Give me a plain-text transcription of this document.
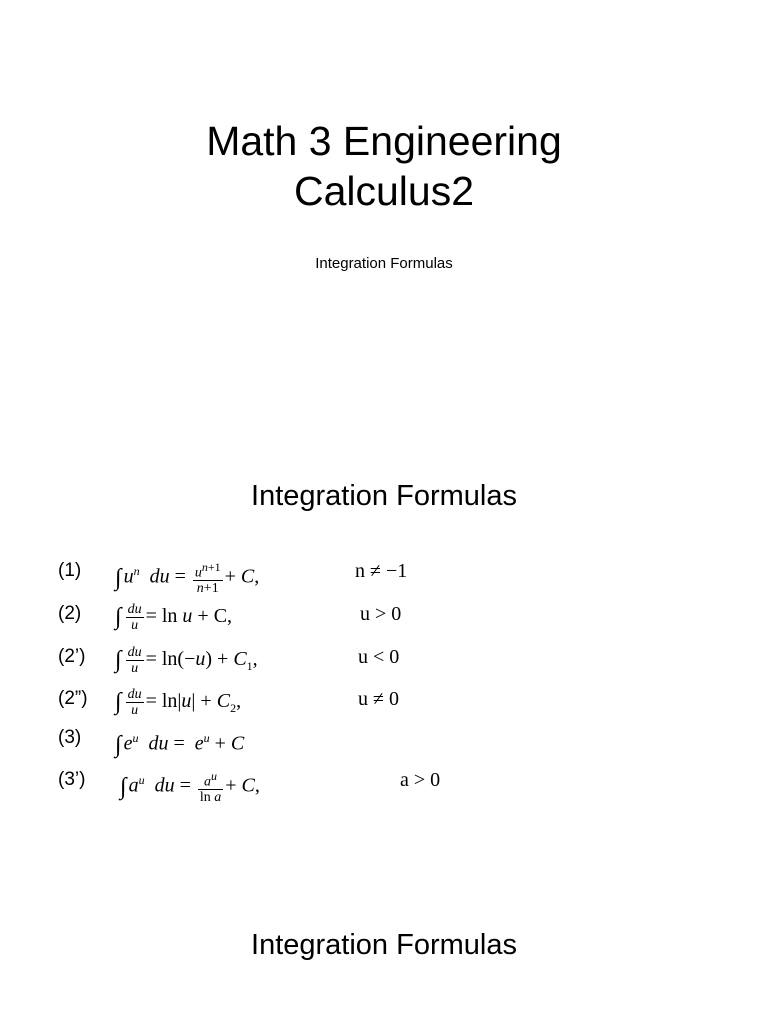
Math 3 Engineering
Calculus2
Integration Formulas
Integration Formulas
(1) ∫ $u^n$ du = $\frac{u^{n+1}}{n+1} + C$,	n ≠ −1
(2) ∫ $\frac{du}{u} = \ln u + C$,	u > 0
(2’) ∫ $\frac{du}{u} = \ln(-u) + C_1$,	u < 0
(2”) ∫ $\frac{du}{u} = \ln|u| + C_2$,	u ≠ 0
(3) ∫ $e^u$ du =  $e^u + C$
(3’) ∫ $a^u$ du = $\frac{a^u}{\text{ln a}} + C$,	a > 0
Integration Formulas
